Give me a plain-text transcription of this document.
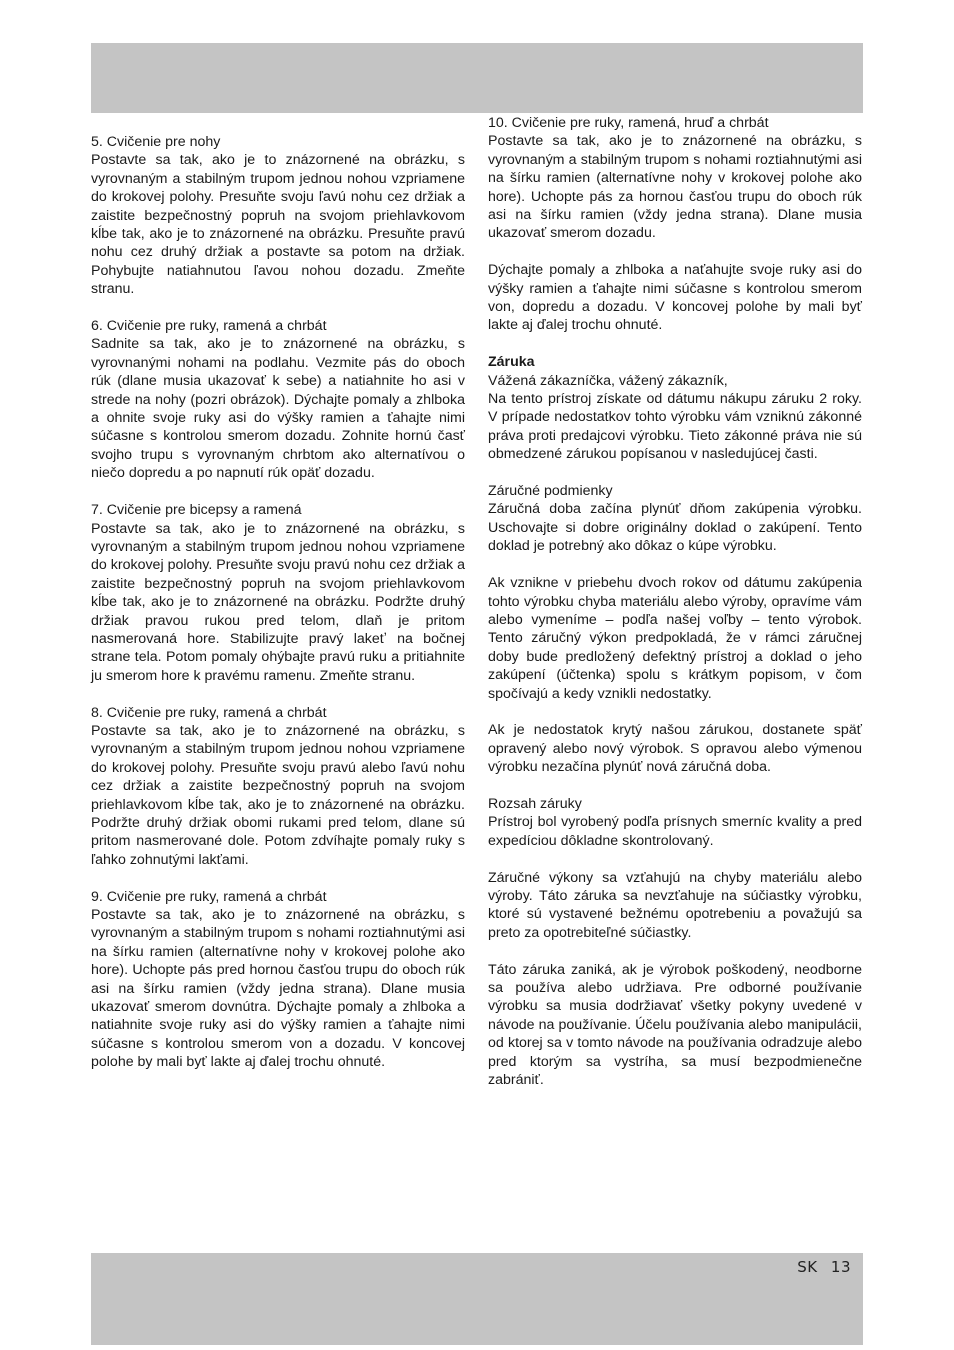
5. Cvičenie pre nohy
Postavte sa tak, ako je to znázornené na obrázku, s vyrovnaným a stabilným trupom jednou nohou vzpriamene do krokovej polohy. Presuňte svoju ľavú nohu cez držiak a zaistite bezpečnostný popruh na svojom priehlavkovom kĺbe tak, ako je to znázornené na obrázku. Presuňte pravú nohu cez druhý držiak a postavte sa potom na držiak. Pohybujte natiahnutou ľavou nohou dozadu. Zmeňte stranu.

6. Cvičenie pre ruky, ramená a chrbát
Sadnite sa tak, ako je to znázornené na obrázku, s vyrovnanými nohami na podlahu. Vezmite pás do oboch rúk (dlane musia ukazovať k sebe) a natiahnite ho asi v strede na nohy (pozri obrázok). Dýchajte pomaly a zhlboka a ohnite svoje ruky asi do výšky ramien a ťahajte nimi súčasne s kontrolou smerom dozadu. Zohnite hornú časť svojho trupu s vyrovnaným chrbtom ako alternatívou o niečo dopredu a po napnutí rúk opäť dozadu.

7. Cvičenie pre bicepsy a ramená
Postavte sa tak, ako je to znázornené na obrázku, s vyrovnaným a stabilným trupom jednou nohou vzpriamene do krokovej polohy. Presuňte svoju pravú nohu cez držiak a zaistite bezpečnostný popruh na svojom priehlavkovom kĺbe tak, ako je to znázornené na obrázku. Podržte druhý držiak pravou rukou pred telom, dlaň je pritom nasmerovaná hore. Stabilizujte pravý laketʼ na bočnej strane tela. Potom pomaly ohýbajte pravú ruku a pritiahnite ju smerom hore k pravému ramenu. Zmeňte stranu.

8. Cvičenie pre ruky, ramená a chrbát
Postavte sa tak, ako je to znázornené na obrázku, s vyrovnaným a stabilným trupom jednou nohou vzpriamene do krokovej polohy. Presuňte svoju pravú alebo ľavú nohu cez držiak a zaistite bezpečnostný popruh na svojom priehlavkovom kĺbe tak, ako je to znázornené na obrázku. Podržte druhý držiak obomi rukami pred telom, dlane sú pritom nasmerované dole. Potom zdvíhajte pomaly ruky s ľahko zohnutými lakťami.

9. Cvičenie pre ruky, ramená a chrbát
Postavte sa tak, ako je to znázornené na obrázku, s vyrovnaným a stabilným trupom s nohami roztiahnutými asi na šírku ramien (alternatívne nohy v krokovej polohe ako hore). Uchopte pás pred hornou časťou trupu do oboch rúk asi na šírku ramien (vždy jedna strana). Dlane musia ukazovať smerom dovnútra. Dýchajte pomaly a zhlboka a natiahnite svoje ruky asi do výšky ramien a ťahajte nimi súčasne s kontrolou smerom von a dozadu. V koncovej polohe by mali byť lakte aj ďalej trochu ohnuté.

10. Cvičenie pre ruky, ramená, hruď a chrbát
Postavte sa tak, ako je to znázornené na obrázku, s vyrovnaným a stabilným trupom s nohami roztiahnutými asi na šírku ramien (alternatívne nohy v krokovej polohe ako hore). Uchopte pás za hornou časťou trupu do oboch rúk asi na šírku ramien (vždy jedna strana). Dlane musia ukazovať smerom dozadu.

Dýchajte pomaly a zhlboka a naťahujte svoje ruky asi do výšky ramien a ťahajte nimi súčasne s kontrolou smerom von, dopredu a dozadu. V koncovej polohe by mali byť lakte aj ďalej trochu ohnuté.

Záruka
Vážená zákazníčka, vážený zákazník,
Na tento prístroj získate od dátumu nákupu záruku 2 roky. V prípade nedostatkov tohto výrobku vám vzniknú zákonné práva proti predajcovi výrobku. Tieto zákonné práva nie sú obmedzené zárukou popísanou v nasledujúcej časti.

Záručné podmienky
Záručná doba začína plynúť dňom zakúpenia výrobku. Uschovajte si dobre originálny doklad o zakúpení. Tento doklad je potrebný ako dôkaz o kúpe výrobku.

Ak vznikne v priebehu dvoch rokov od dátumu zakúpenia tohto výrobku chyba materiálu alebo výroby, opravíme vám alebo vymeníme – podľa našej voľby – tento výrobok. Tento záručný výkon predpokladá, že v rámci záručnej doby bude predložený defektný prístroj a doklad o jeho zakúpení (účtenka) spolu s krátkym popisom, v čom spočívajú a kedy vznikli nedostatky.

Ak je nedostatok krytý našou zárukou, dostanete späť opravený alebo nový výrobok. S opravou alebo výmenou výrobku nezačína plynúť nová záručná doba.

Rozsah záruky
Prístroj bol vyrobený podľa prísnych smerníc kvality a pred expedíciou dôkladne skontrolovaný.

Záručné výkony sa vzťahujú na chyby materiálu alebo výroby. Táto záruka sa nevzťahuje na súčiastky výrobku, ktoré sú vystavené bežnému opotrebeniu a považujú sa preto za opotrebiteľné súčiastky.

Táto záruka zaniká, ak je výrobok poškodený, neodborne sa používa alebo udržiava. Pre odborné používanie výrobku sa musia dodržiavať všetky pokyny uvedené v návode na používanie. Účelu používania alebo manipulácii, od ktorej sa v tomto návode na používania odradzuje alebo pred ktorým sa vystríha, sa musí bezpodmienečne zabrániť.

SK 13
